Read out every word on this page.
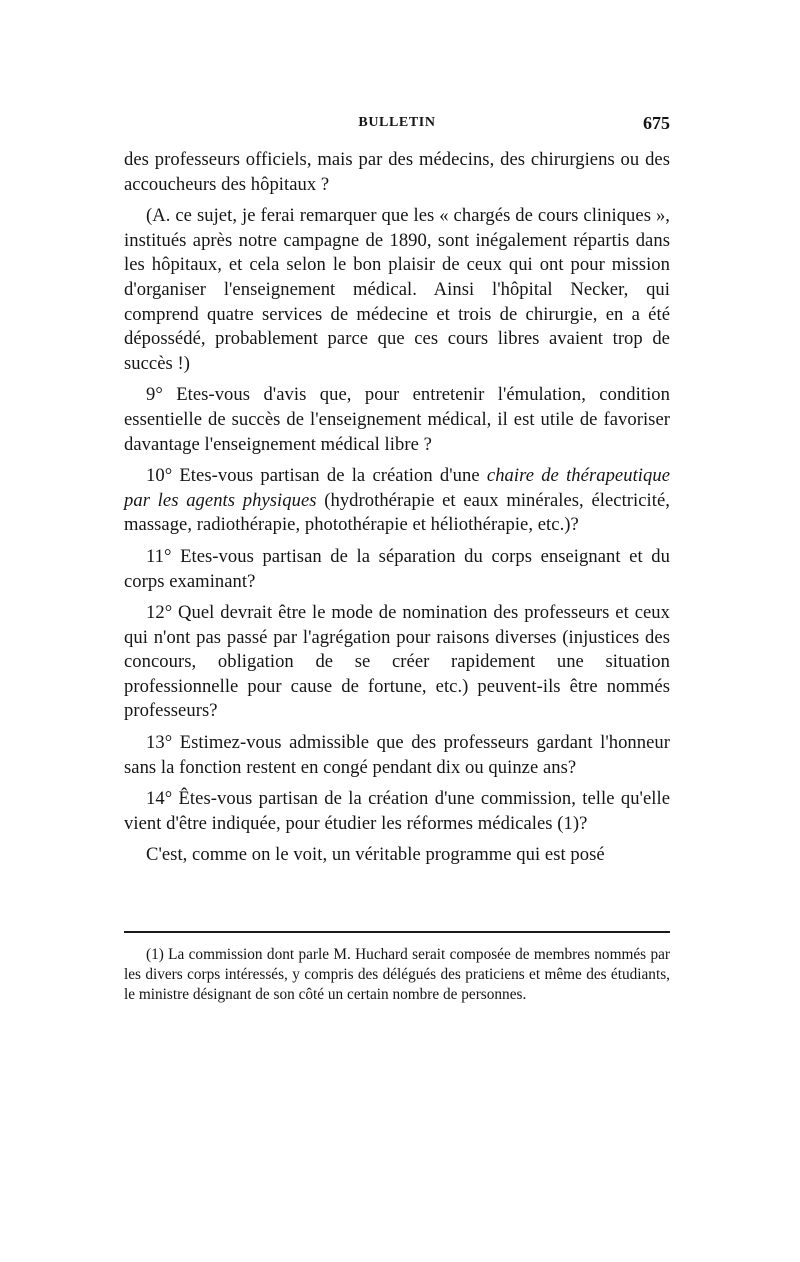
BULLETIN	675

des professeurs officiels, mais par des médecins, des chirurgiens ou des accoucheurs des hôpitaux ?

(A. ce sujet, je ferai remarquer que les « chargés de cours cliniques », institués après notre campagne de 1890, sont inégalement répartis dans les hôpitaux, et cela selon le bon plaisir de ceux qui ont pour mission d'organiser l'enseignement médical. Ainsi l'hôpital Necker, qui comprend quatre services de médecine et trois de chirurgie, en a été dépossédé, probablement parce que ces cours libres avaient trop de succès !)

9° Etes-vous d'avis que, pour entretenir l'émulation, condition essentielle de succès de l'enseignement médical, il est utile de favoriser davantage l'enseignement médical libre ?

10° Etes-vous partisan de la création d'une chaire de thérapeutique par les agents physiques (hydrothérapie et eaux minérales, électricité, massage, radiothérapie, photothérapie et héliothérapie, etc.)?

11° Etes-vous partisan de la séparation du corps enseignant et du corps examinant?

12° Quel devrait être le mode de nomination des professeurs et ceux qui n'ont pas passé par l'agrégation pour raisons diverses (injustices des concours, obligation de se créer rapidement une situation professionnelle pour cause de fortune, etc.) peuvent-ils être nommés professeurs?

13° Estimez-vous admissible que des professeurs gardant l'honneur sans la fonction restent en congé pendant dix ou quinze ans?

14° Êtes-vous partisan de la création d'une commission, telle qu'elle vient d'être indiquée, pour étudier les réformes médicales (1)?

C'est, comme on le voit, un véritable programme qui est posé

(1) La commission dont parle M. Huchard serait composée de membres nommés par les divers corps intéressés, y compris des délégués des praticiens et même des étudiants, le ministre désignant de son côté un certain nombre de personnes.
